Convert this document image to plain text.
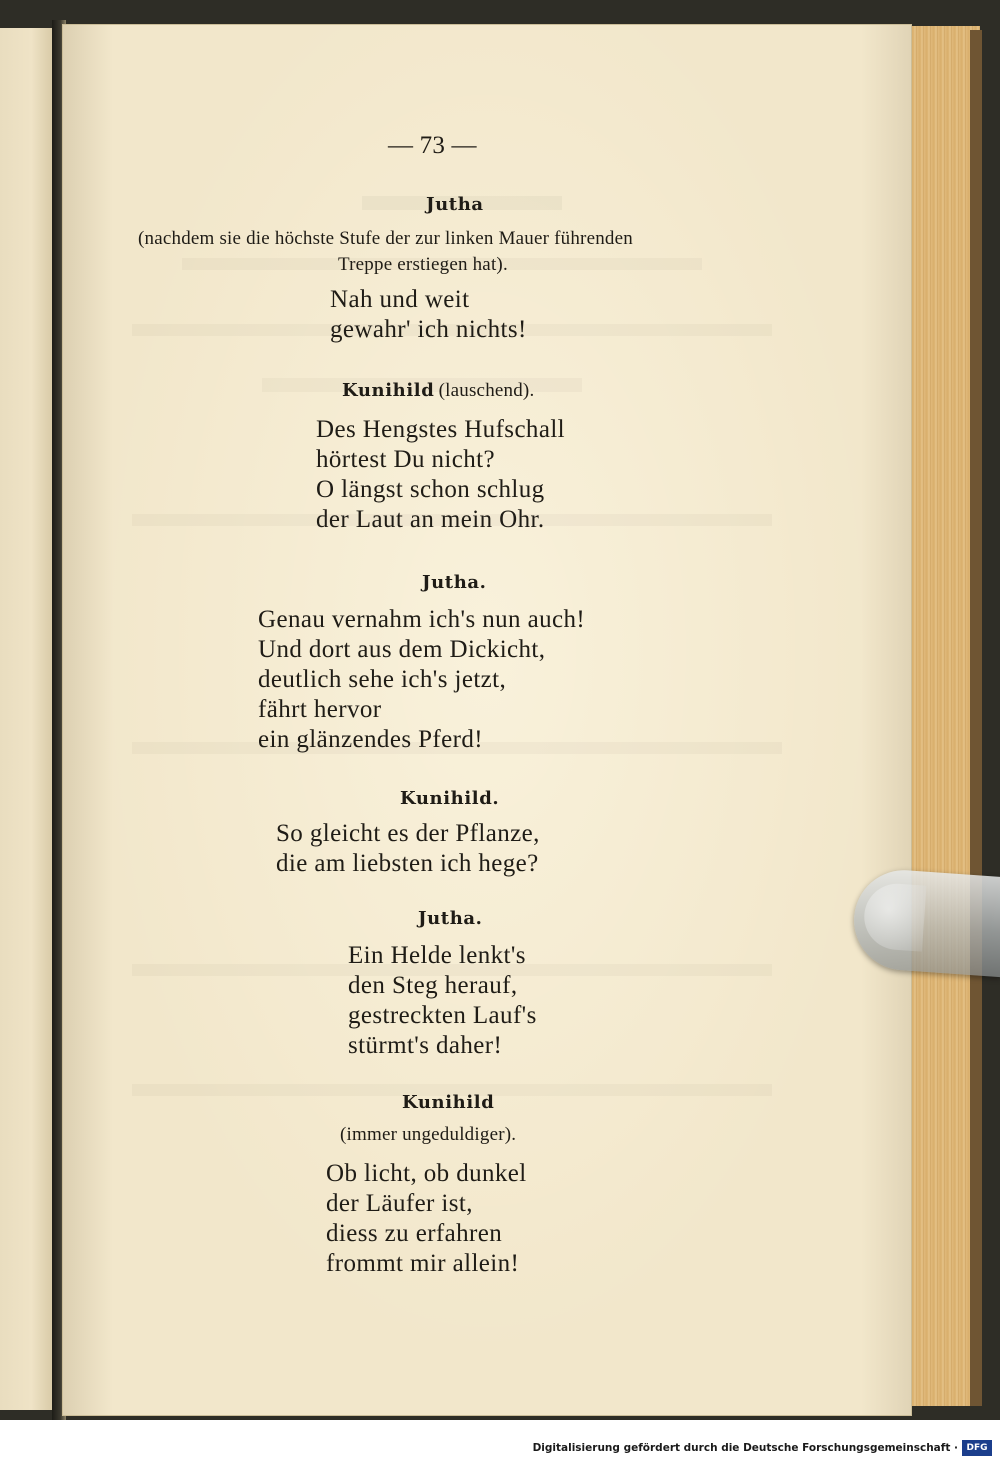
— 73 —
Jutha
(nachdem sie die höchste Stufe der zur linken Mauer führenden
Treppe erstiegen hat).
Nah und weit
gewahr' ich nichts!
Kunihild (lauschend).
Des Hengstes Hufschall
hörtest Du nicht?
O längst schon schlug
der Laut an mein Ohr.
Jutha.
Genau vernahm ich's nun auch!
Und dort aus dem Dickicht,
deutlich sehe ich's jetzt,
fährt hervor
ein glänzendes Pferd!
Kunihild.
So gleicht es der Pflanze,
die am liebsten ich hege?
Jutha.
Ein Helde lenkt's
den Steg herauf,
gestreckten Lauf's
stürmt's daher!
Kunihild
(immer ungeduldiger).
Ob licht, ob dunkel
der Läufer ist,
diess zu erfahren
frommt mir allein!
Digitalisierung gefördert durch die Deutsche Forschungsgemeinschaft · DFG
